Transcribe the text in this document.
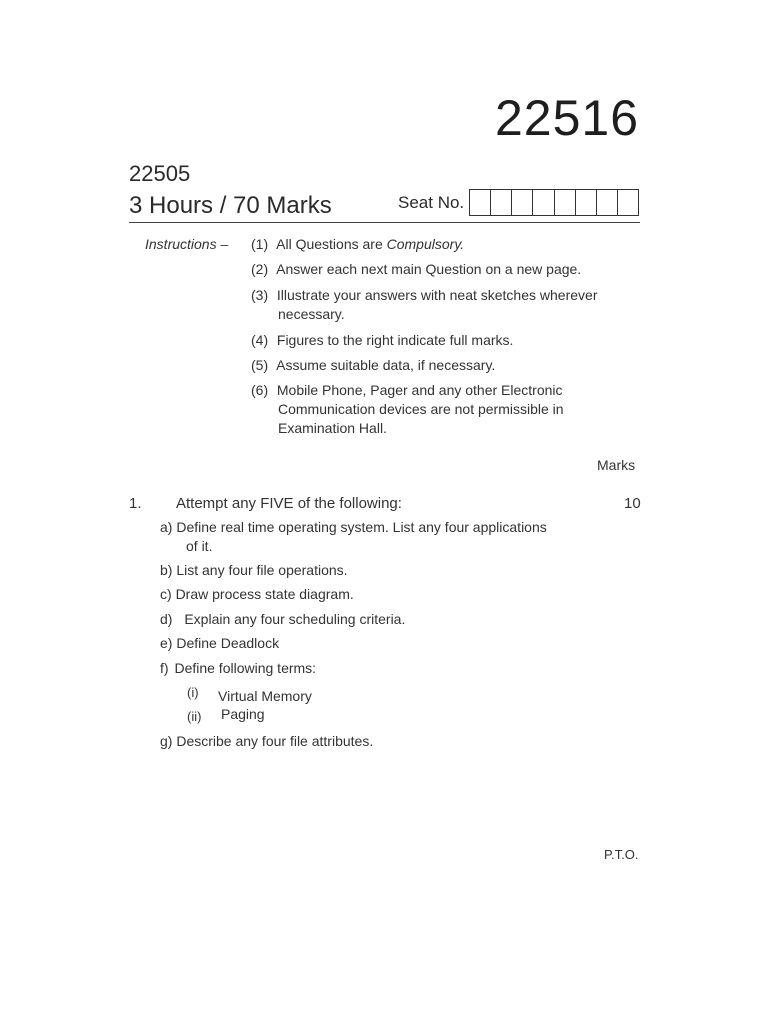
22516
22505
3 Hours / 70 Marks	Seat No.
Instructions – (1) All Questions are Compulsory.
(2) Answer each next main Question on a new page.
(3) Illustrate your answers with neat sketches wherever
necessary.
(4) Figures to the right indicate full marks.
(5) Assume suitable data, if necessary.
(6) Mobile Phone, Pager and any other Electronic
Communication devices are not permissible in Examination Hall.
Marks
1. Attempt any FIVE of the following:	10
a) Define real time operating system. List any four applications
of it.
b) List any four file operations.
c) Draw process state diagram.
d) Explain any four scheduling criteria.
e) Define Deadlock
f) Define following terms:
(i) Virtual Memory
(ii) Paging
g) Describe any four file attributes.
P.T.O.
